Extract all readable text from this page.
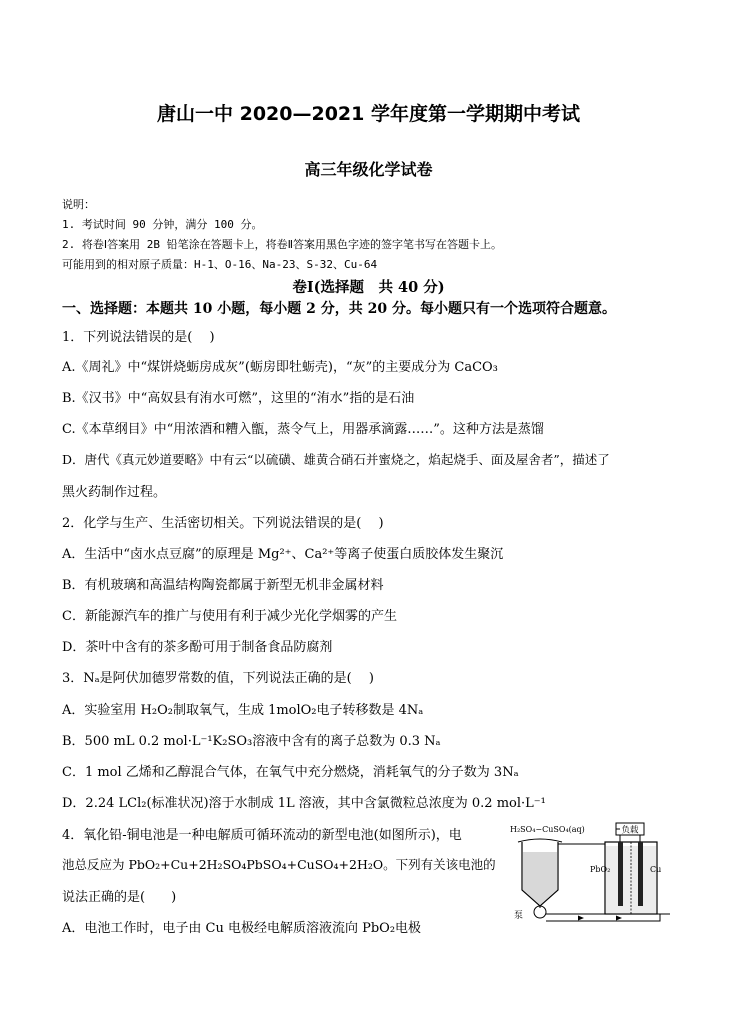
唐山一中 2020—2021 学年度第一学期期中考试
高三年级化学试卷
说明：
1. 考试时间 90 分钟，满分 100 分。
2. 将卷Ⅰ答案用 2B 铅笔涂在答题卡上，将卷Ⅱ答案用黑色字迹的签字笔书写在答题卡上。
可能用到的相对原子质量：H-1、O-16、Na-23、S-32、Cu-64
卷Ⅰ(选择题　共 40 分)
一、选择题：本题共 10 小题，每小题 2 分，共 20 分。每小题只有一个选项符合题意。
1．下列说法错误的是(　 )
A.《周礼》中“煤饼烧蛎房成灰”(蛎房即牡蛎壳)，“灰”的主要成分为 CaCO₃
B.《汉书》中“高奴县有洧水可燃”，这里的“洧水”指的是石油
C.《本草纲目》中“用浓酒和糟入甑，蒸令气上，用器承滴露……”。这种方法是蒸馏
D．唐代《真元妙道要略》中有云“以硫磺、雄黄合硝石并蜜烧之，焰起烧手、面及屋舍者”，描述了
黑火药制作过程。
2．化学与生产、生活密切相关。下列说法错误的是(　 )
A．生活中“卤水点豆腐”的原理是 Mg²⁺、Ca²⁺等离子使蛋白质胶体发生聚沉
B．有机玻璃和高温结构陶瓷都属于新型无机非金属材料
C．新能源汽车的推广与使用有利于减少光化学烟雾的产生
D．茶叶中含有的茶多酚可用于制备食品防腐剂
3．Nₐ是阿伏加德罗常数的值，下列说法正确的是(　 )
A．实验室用 H₂O₂制取氧气，生成 1molO₂电子转移数是 4Nₐ
B．500 mL 0.2 mol·L⁻¹K₂SO₃溶液中含有的离子总数为 0.3 Nₐ
C．1 mol 乙烯和乙醇混合气体，在氧气中充分燃烧，消耗氧气的分子数为 3Nₐ
D．2.24 LCl₂(标准状况)溶于水制成 1L 溶液，其中含氯微粒总浓度为 0.2 mol·L⁻¹
4．氧化铅-铜电池是一种电解质可循环流动的新型电池(如图所示)，电
池总反应为 PbO₂+Cu+2H₂SO₄PbSO₄+CuSO₄+2H₂O。下列有关该电池的
说法正确的是(　　)
A．电池工作时，电子由 Cu 电极经电解质溶液流向 PbO₂电极
H₂SO₄−CuSO₄(aq)	负载
PbO₂	Cu
泵
